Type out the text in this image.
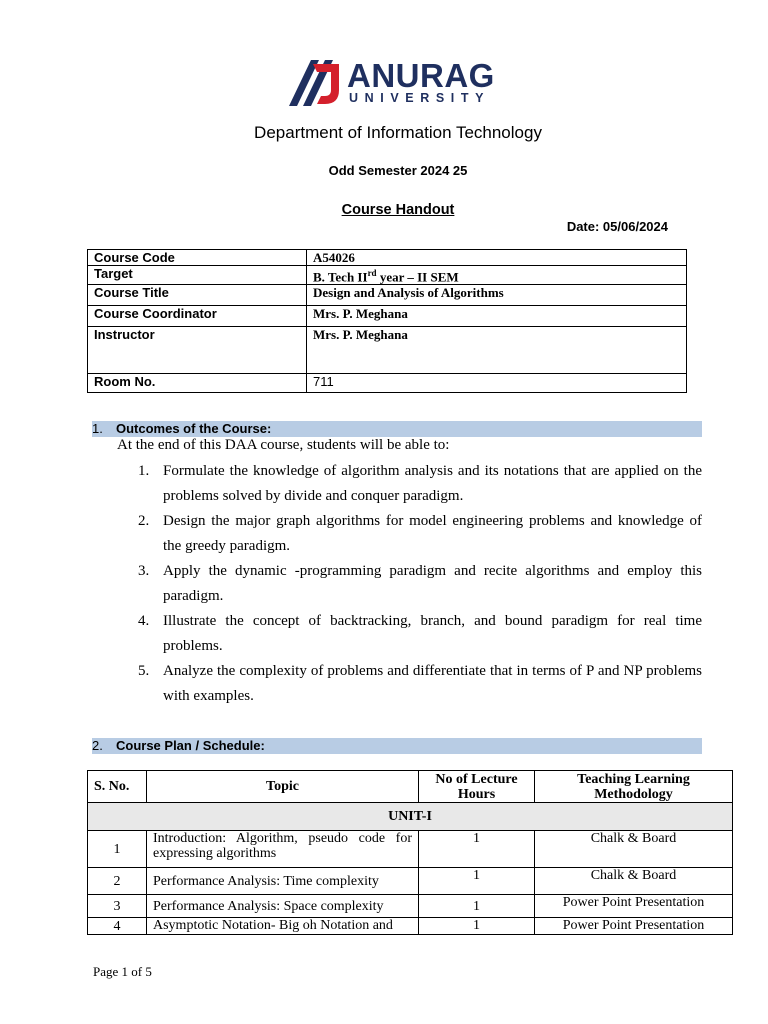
ANURAG
UNIVERSITY
Department of Information Technology
Odd Semester 2024 25
Course Handout
Date: 05/06/2024
Course Code	A54026
Target	B. Tech IIrd year – II SEM
Course Title	Design and Analysis of Algorithms
Course Coordinator	Mrs. P. Meghana
Instructor	Mrs. P. Meghana
Room No.	711
1. Outcomes of the Course:
At the end of this DAA course, students will be able to:
1. Formulate the knowledge of algorithm analysis and its notations that are applied on the problems solved by divide and conquer paradigm.
2. Design the major graph algorithms for model engineering problems and knowledge of the greedy paradigm.
3. Apply the dynamic -programming paradigm and recite algorithms and employ this paradigm.
4. Illustrate the concept of backtracking, branch, and bound paradigm for real time problems.
5. Analyze the complexity of problems and differentiate that in terms of P and NP problems with examples.
2. Course Plan / Schedule:
S. No.	Topic	No of Lecture Hours	Teaching Learning Methodology
UNIT-I			
1	Introduction: Algorithm, pseudo code for expressing algorithms	1	Chalk & Board
2	Performance Analysis: Time complexity	1	Chalk & Board
3	Performance Analysis: Space complexity	1	Power Point Presentation
4	Asymptotic Notation- Big oh Notation and	1	Power Point Presentation
Page 1 of 5
